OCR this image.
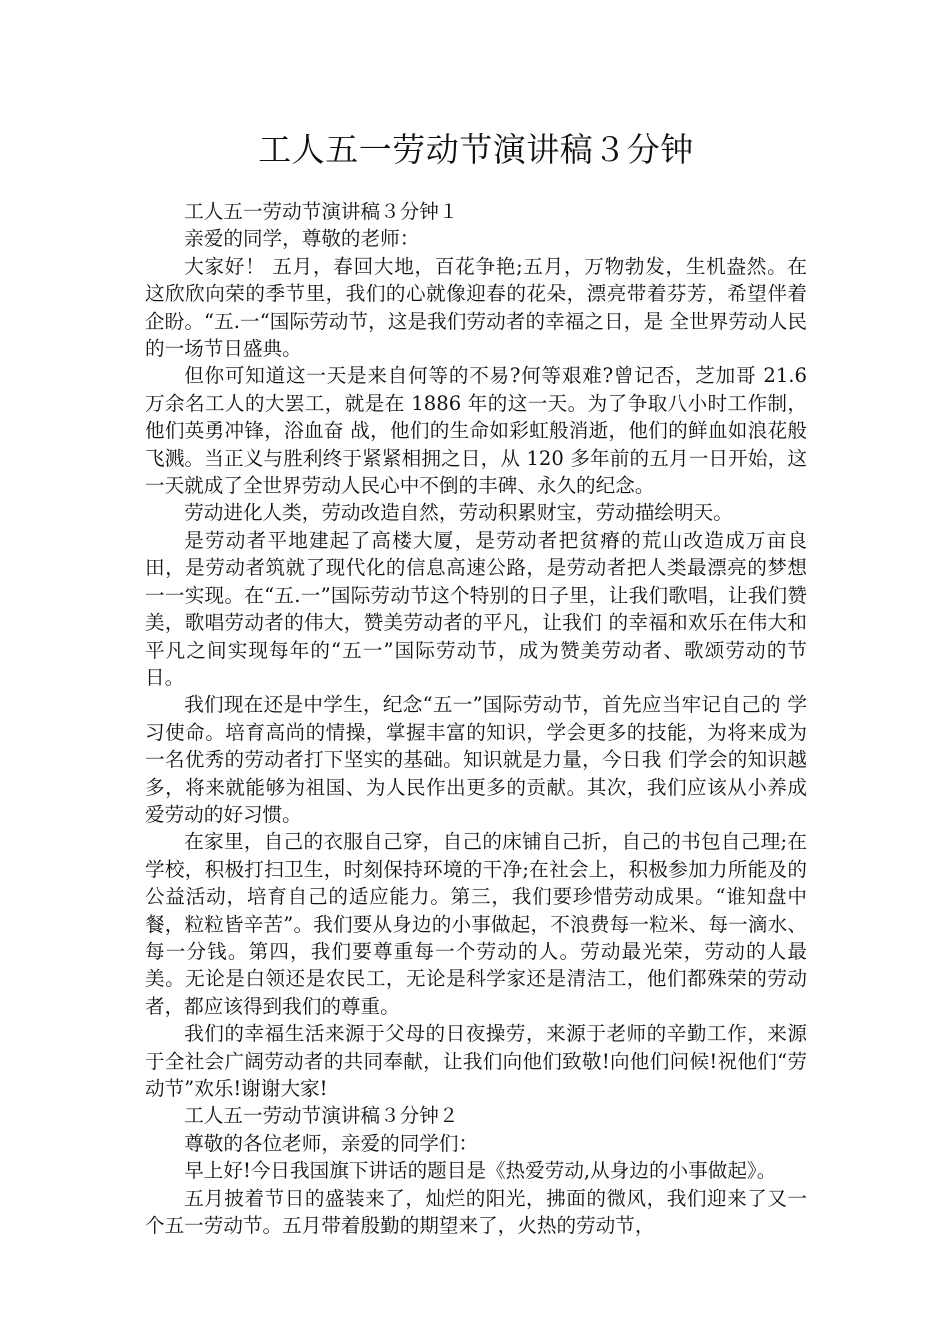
工人五一劳动节演讲稿３分钟

工人五一劳动节演讲稿３分钟１

亲爱的同学，尊敬的老师：

大家好！ 五月，春回大地，百花争艳;五月，万物勃发，生机盎然。在 这欣欣向荣的季节里，我们的心就像迎春的花朵，漂亮带着芬芳，希望伴着企盼。“五.一“国际劳动节，这是我们劳动者的幸福之日，是 全世界劳动人民的一场节日盛典。

但你可知道这一天是来自何等的不易?何等艰难?曾记否，芝加哥 21.6 万余名工人的大罢工，就是在 1886 年的这一天。为了争取八小时工作制，他们英勇冲锋，浴血奋 战，他们的生命如彩虹般消逝，他们的鲜血如浪花般飞溅。当正义与胜利终于紧紧相拥之日，从 120 多年前的五月一日开始，这一天就成了全世界劳动人民心中不倒的丰碑、永久的纪念。

劳动进化人类，劳动改造自然，劳动积累财宝，劳动描绘明天。

是劳动者平地建起了高楼大厦，是劳动者把贫瘠的荒山改造成万亩良田，是劳动者筑就了现代化的信息高速公路，是劳动者把人类最漂亮的梦想一一实现。在“五.一”国际劳动节这个特别的日子里，让我们歌唱，让我们赞美，歌唱劳动者的伟大，赞美劳动者的平凡，让我们 的幸福和欢乐在伟大和平凡之间实现每年的“五一”国际劳动节，成为赞美劳动者、歌颂劳动的节日。

我们现在还是中学生，纪念“五一”国际劳动节，首先应当牢记自己的 学习使命。培育高尚的情操，掌握丰富的知识，学会更多的技能，为将来成为一名优秀的劳动者打下坚实的基础。知识就是力量，今日我 们学会的知识越多，将来就能够为祖国、为人民作出更多的贡献。其次，我们应该从小养成爱劳动的好习惯。

在家里，自己的衣服自己穿，自己的床铺自己折，自己的书包自己理;在学校，积极打扫卫生，时刻保持环境的干净;在社会上，积极参加力所能及的公益活动，培育自己的适应能力。第三，我们要珍惜劳动成果。“谁知盘中餐，粒粒皆辛苦”。我们要从身边的小事做起，不浪费每一粒米、每一滴水、每一分钱。第四，我们要尊重每一个劳动的人。劳动最光荣，劳动的人最美。无论是白领还是农民工，无论是科学家还是清洁工，他们都殊荣的劳动者，都应该得到我们的尊重。

我们的幸福生活来源于父母的日夜操劳，来源于老师的辛勤工作，来源于全社会广阔劳动者的共同奉献，让我们向他们致敬!向他们问候!祝他们“劳动节”欢乐!谢谢大家!

工人五一劳动节演讲稿３分钟２

尊敬的各位老师，亲爱的同学们：

早上好!今日我国旗下讲话的题目是《热爱劳动,从身边的小事做起》。

五月披着节日的盛装来了，灿烂的阳光，拂面的微风，我们迎来了又一个五一劳动节。五月带着殷勤的期望来了，火热的劳动节，
